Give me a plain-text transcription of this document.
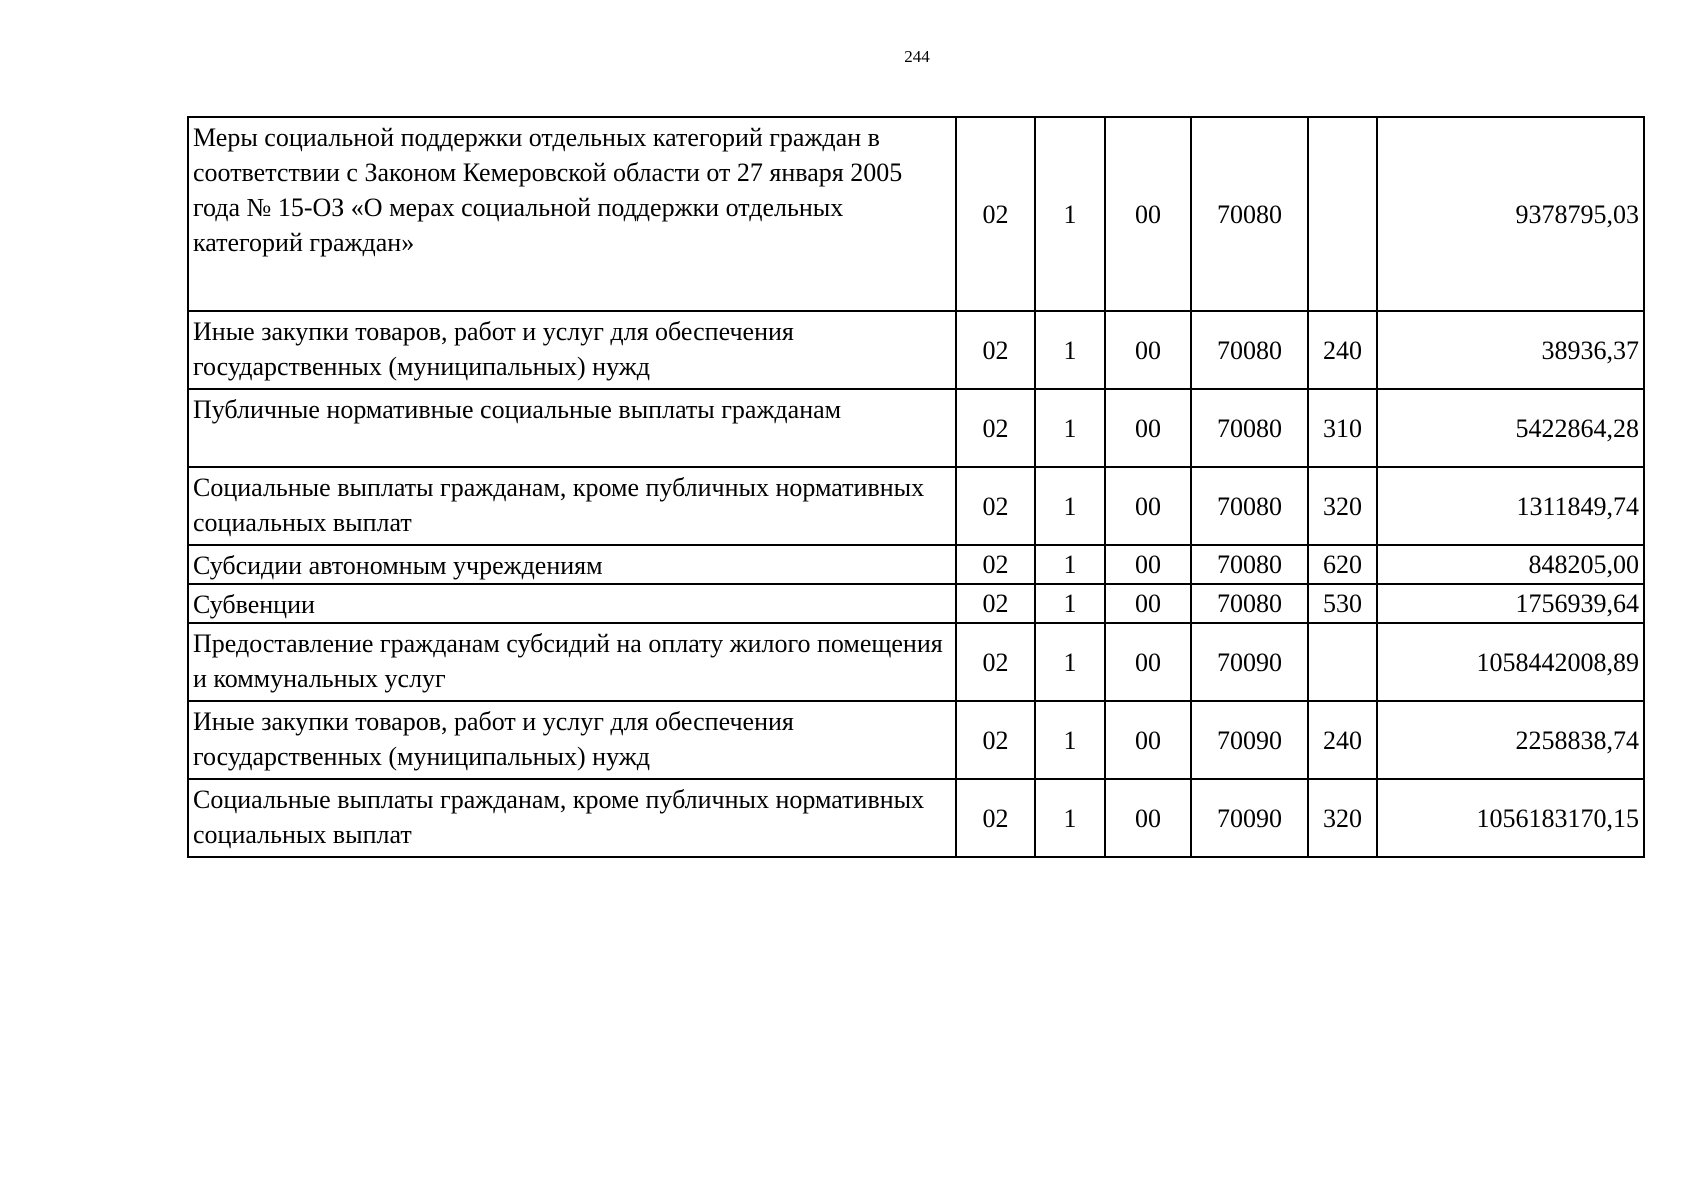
244
Меры социальной поддержки отдельных категорий граждан в соответствии с Законом Кемеровской области от 27 января 2005 года № 15-ОЗ «О мерах социальной поддержки отдельных категорий граждан»	02	1	00	70080		9378795,03
Иные закупки товаров, работ и услуг для обеспечения государственных (муниципальных) нужд	02	1	00	70080	240	38936,37
Публичные нормативные социальные выплаты гражданам	02	1	00	70080	310	5422864,28
Социальные выплаты гражданам, кроме публичных нормативных социальных выплат	02	1	00	70080	320	1311849,74
Субсидии автономным учреждениям	02	1	00	70080	620	848205,00
Субвенции	02	1	00	70080	530	1756939,64
Предоставление гражданам субсидий на оплату жилого помещения и коммунальных услуг	02	1	00	70090		1058442008,89
Иные закупки товаров, работ и услуг для обеспечения государственных (муниципальных) нужд	02	1	00	70090	240	2258838,74
Социальные выплаты гражданам, кроме публичных нормативных социальных выплат	02	1	00	70090	320	1056183170,15
